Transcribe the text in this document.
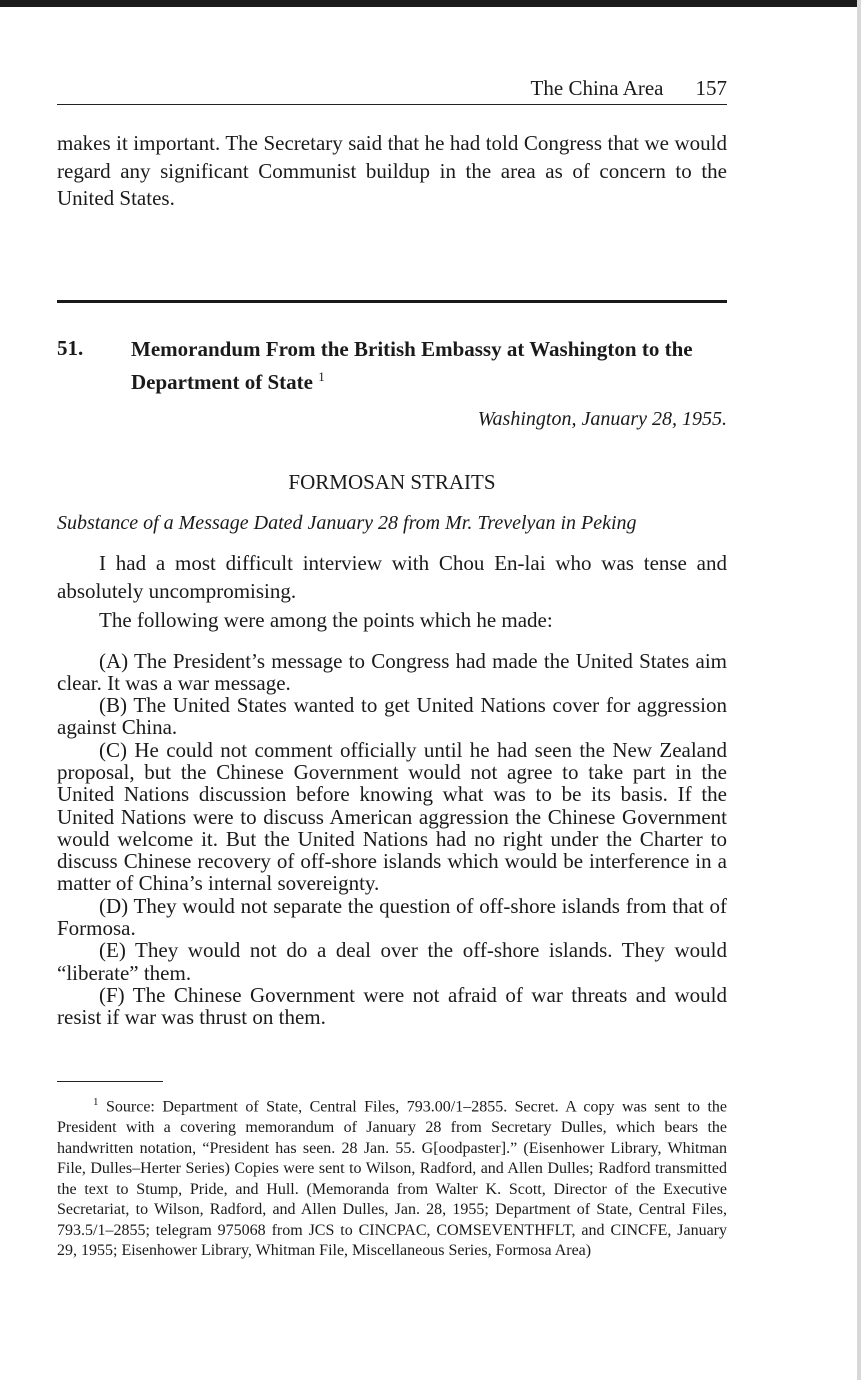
The China Area 157

makes it important. The Secretary said that he had told Congress that we would regard any significant Communist buildup in the area as of concern to the United States.

51. Memorandum From the British Embassy at Washington to the Department of State $^1$
Washington, January 28, 1955.
FORMOSAN STRAITS
Substance of a Message Dated January 28 from Mr. Trevelyan in Peking

I had a most difficult interview with Chou En-lai who was tense and absolutely uncompromising.

The following were among the points which he made:

(A) The President’s message to Congress had made the United States aim clear. It was a war message.

(B) The United States wanted to get United Nations cover for aggression against China.

(C) He could not comment officially until he had seen the New Zealand proposal, but the Chinese Government would not agree to take part in the United Nations discussion before knowing what was to be its basis. If the United Nations were to discuss American aggression the Chinese Government would welcome it. But the United Nations had no right under the Charter to discuss Chinese recovery of off-shore islands which would be interference in a matter of China’s internal sovereignty.

(D) They would not separate the question of off-shore islands from that of Formosa.

(E) They would not do a deal over the off-shore islands. They would “liberate” them.

(F) The Chinese Government were not afraid of war threats and would resist if war was thrust on them.

$^1$ Source: Department of State, Central Files, 793.00/1–2855. Secret. A copy was sent to the President with a covering memorandum of January 28 from Secretary Dulles, which bears the handwritten notation, “President has seen. 28 Jan. 55. G[oodpaster].” (Eisenhower Library, Whitman File, Dulles–Herter Series) Copies were sent to Wilson, Radford, and Allen Dulles; Radford transmitted the text to Stump, Pride, and Hull. (Memoranda from Walter K. Scott, Director of the Executive Secretariat, to Wilson, Radford, and Allen Dulles, Jan. 28, 1955; Department of State, Central Files, 793.5/1–2855; telegram 975068 from JCS to CINCPAC, COMSEVENTHFLT, and CINCFE, January 29, 1955; Eisenhower Library, Whitman File, Miscellaneous Series, Formosa Area)
